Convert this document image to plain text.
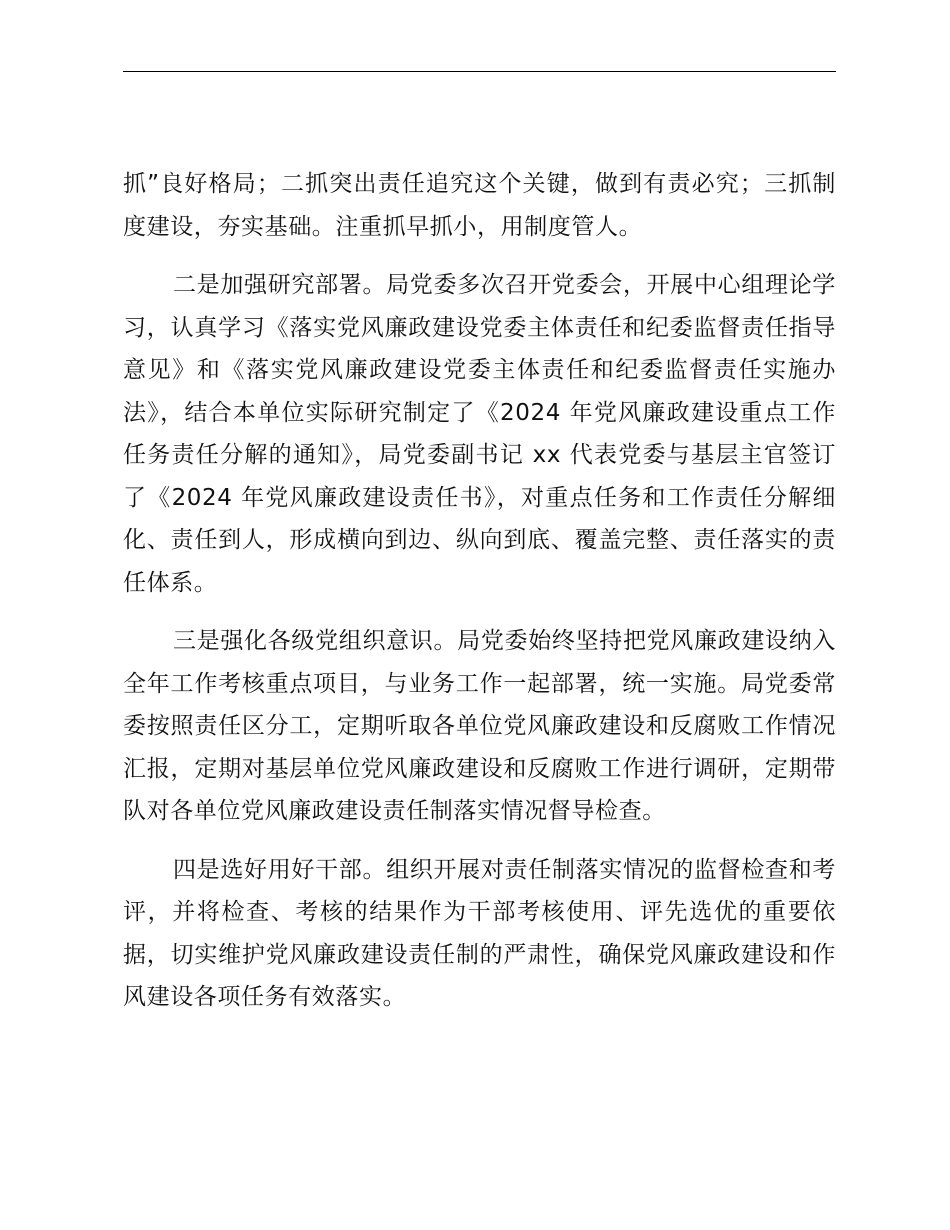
抓”良好格局；二抓突出责任追究这个关键，做到有责必究；三抓制度建设，夯实基础。注重抓早抓小，用制度管人。

二是加强研究部署。局党委多次召开党委会，开展中心组理论学习，认真学习《落实党风廉政建设党委主体责任和纪委监督责任指导意见》和《落实党风廉政建设党委主体责任和纪委监督责任实施办法》，结合本单位实际研究制定了《2024 年党风廉政建设重点工作任务责任分解的通知》，局党委副书记 xx 代表党委与基层主官签订了《2024 年党风廉政建设责任书》，对重点任务和工作责任分解细化、责任到人，形成横向到边、纵向到底、覆盖完整、责任落实的责任体系。

三是强化各级党组织意识。局党委始终坚持把党风廉政建设纳入全年工作考核重点项目，与业务工作一起部署，统一实施。局党委常委按照责任区分工，定期听取各单位党风廉政建设和反腐败工作情况汇报，定期对基层单位党风廉政建设和反腐败工作进行调研，定期带队对各单位党风廉政建设责任制落实情况督导检查。

四是选好用好干部。组织开展对责任制落实情况的监督检查和考评，并将检查、考核的结果作为干部考核使用、评先选优的重要依据，切实维护党风廉政建设责任制的严肃性，确保党风廉政建设和作风建设各项任务有效落实。
